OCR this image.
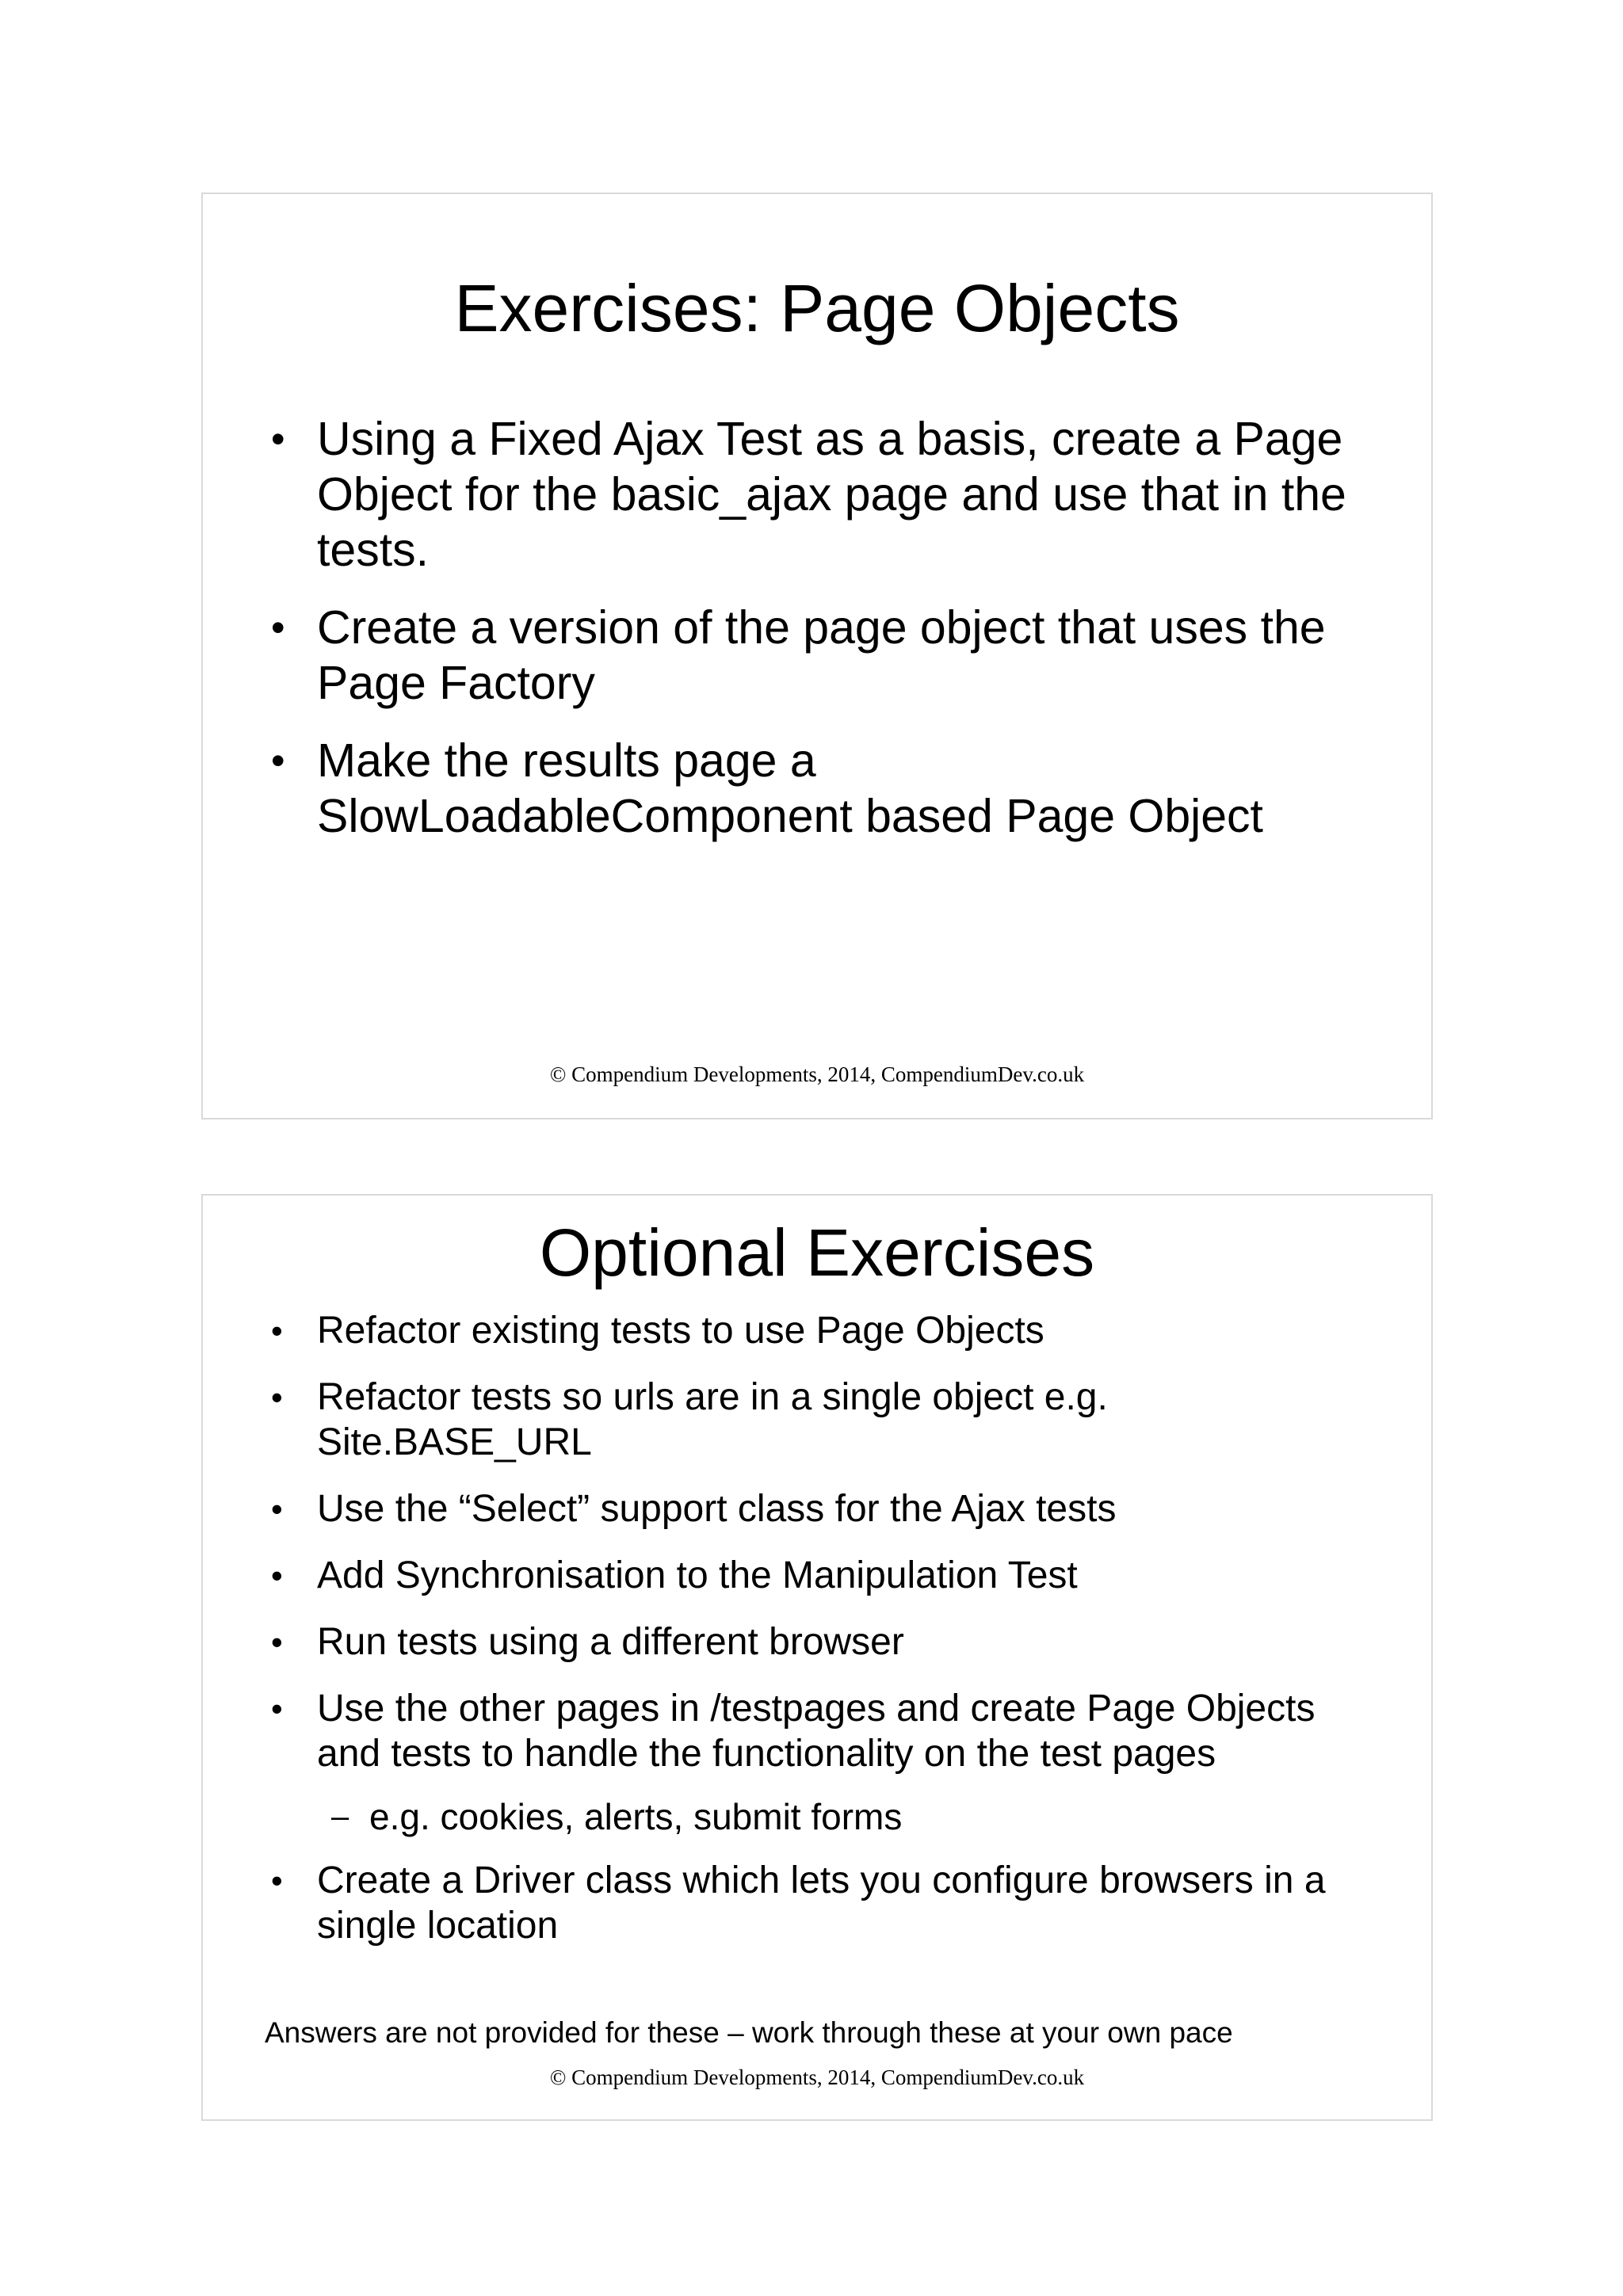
Exercises: Page Objects
• Using a Fixed Ajax Test as a basis, create a Page Object for the basic_ajax page and use that in the tests.
• Create a version of the page object that uses the Page Factory
• Make the results page a SlowLoadableComponent based Page Object
© Compendium Developments, 2014, CompendiumDev.co.uk
Optional Exercises
• Refactor existing tests to use Page Objects
• Refactor tests so urls are in a single object e.g. Site.BASE_URL
• Use the “Select” support class for the Ajax tests
• Add Synchronisation to the Manipulation Test
• Run tests using a different browser
• Use the other pages in /testpages and create Page Objects and tests to handle the functionality on the test pages
– e.g. cookies, alerts, submit forms
• Create a Driver class which lets you configure browsers in a single location
Answers are not provided for these – work through these at your own pace
© Compendium Developments, 2014, CompendiumDev.co.uk
